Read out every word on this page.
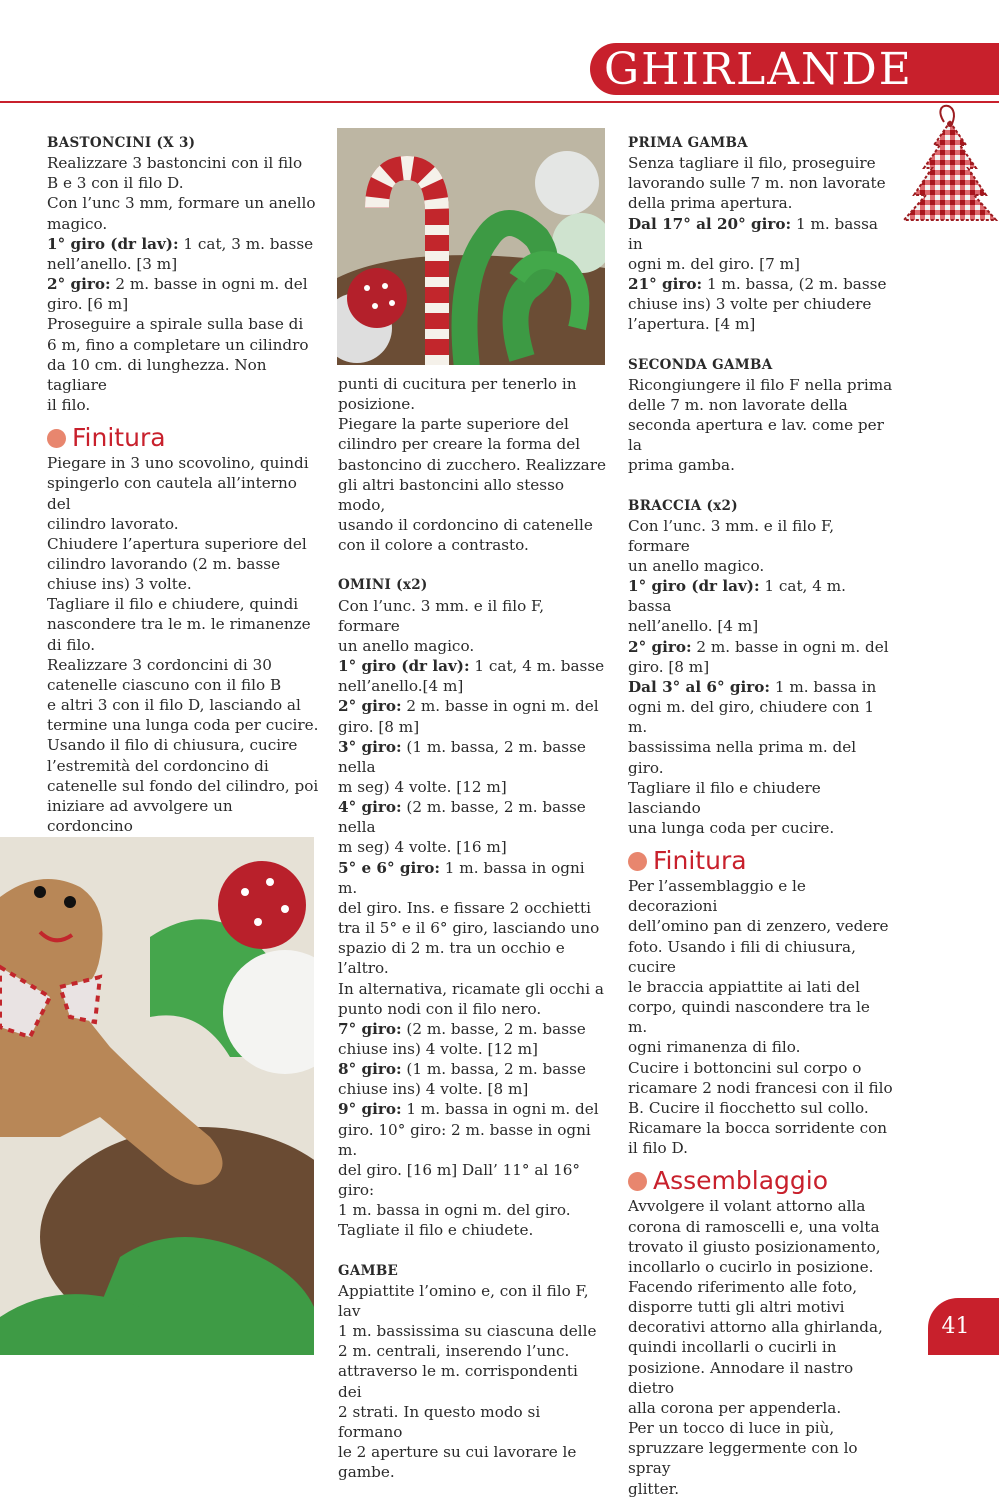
GHIRLANDE

BASTONCINI (X 3)

Realizzare 3 bastoncini con il filo

B e 3 con il filo D.

Con l’unc 3 mm, formare un anello

magico.

1° giro (dr lav): 1 cat, 3 m. basse

nell’anello. [3 m]

2° giro: 2 m. basse in ogni m. del

giro. [6 m]

Proseguire a spirale sulla base di

6 m, fino a completare un cilindro

da 10 cm. di lunghezza. Non tagliare

il filo.

Finitura

Piegare in 3 uno scovolino, quindi

spingerlo con cautela all’interno del

cilindro lavorato.

Chiudere l’apertura superiore del

cilindro lavorando (2 m. basse

chiuse ins) 3 volte.

Tagliare il filo e chiudere, quindi

nascondere tra le m. le rimanenze

di filo.

Realizzare 3 cordoncini di 30

catenelle ciascuno con il filo B

e altri 3 con il filo D, lasciando al

termine una lunga coda per cucire.

Usando il filo di chiusura, cucire

l’estremità del cordoncino di

catenelle sul fondo del cilindro, poi

iniziare ad avvolgere un cordoncino

punti di cucitura per tenerlo in

posizione.

Piegare la parte superiore del

cilindro per creare la forma del

bastoncino di zucchero. Realizzare

gli altri bastoncini allo stesso modo,

usando il cordoncino di catenelle

con il colore a contrasto.

OMINI (x2)

Con l’unc. 3 mm. e il filo F, formare

un anello magico.

1° giro (dr lav): 1 cat, 4 m. basse

nell’anello.[4 m]

2° giro: 2 m. basse in ogni m. del

giro. [8 m]

3° giro: (1 m. bassa, 2 m. basse nella

m seg) 4 volte. [12 m]

4° giro: (2 m. basse, 2 m. basse nella

m seg) 4 volte. [16 m]

5° e 6° giro: 1 m. bassa in ogni m.

del giro. Ins. e fissare 2 occhietti

tra il 5° e il 6° giro, lasciando uno

spazio di 2 m. tra un occhio e l’altro.

In alternativa, ricamate gli occhi a

punto nodi con il filo nero.

7° giro: (2 m. basse, 2 m. basse

chiuse ins) 4 volte. [12 m]

8° giro: (1 m. bassa, 2 m. basse

chiuse ins) 4 volte. [8 m]

9° giro: 1 m. bassa in ogni m. del

giro. 10° giro: 2 m. basse in ogni m.

del giro. [16 m] Dall’ 11° al 16° giro:

1 m. bassa in ogni m. del giro.

Tagliate il filo e chiudete.

GAMBE

Appiattite l’omino e, con il filo F, lav

1 m. bassissima su ciascuna delle

2 m. centrali, inserendo l’unc.

attraverso le m. corrispondenti dei

2 strati. In questo modo si formano

le 2 aperture su cui lavorare le

gambe.

PRIMA GAMBA

Senza tagliare il filo, proseguire

lavorando sulle 7 m. non lavorate

della prima apertura.

Dal 17° al 20° giro: 1 m. bassa in

ogni m. del giro. [7 m]

21° giro: 1 m. bassa, (2 m. basse

chiuse ins) 3 volte per chiudere

l’apertura. [4 m]

SECONDA GAMBA

Ricongiungere il filo F nella prima

delle 7 m. non lavorate della

seconda apertura e lav. come per la

prima gamba.

BRACCIA (x2)

Con l’unc. 3 mm. e il filo F, formare

un anello magico.

1° giro (dr lav): 1 cat, 4 m. bassa

nell’anello. [4 m]

2° giro: 2 m. basse in ogni m. del

giro. [8 m]

Dal 3° al 6° giro: 1 m. bassa in

ogni m. del giro, chiudere con 1 m.

bassissima nella prima m. del giro.

Tagliare il filo e chiudere lasciando

una lunga coda per cucire.

Finitura

Per l’assemblaggio e le decorazioni

dell’omino pan di zenzero, vedere

foto. Usando i fili di chiusura, cucire

le braccia appiattite ai lati del

corpo, quindi nascondere tra le m.

ogni rimanenza di filo.

Cucire i bottoncini sul corpo o

ricamare 2 nodi francesi con il filo

B. Cucire il fiocchetto sul collo.

Ricamare la bocca sorridente con

il filo D.

Assemblaggio

Avvolgere il volant attorno alla

corona di ramoscelli e, una volta

trovato il giusto posizionamento,

incollarlo o cucirlo in posizione.

Facendo riferimento alle foto,

disporre tutti gli altri motivi

decorativi attorno alla ghirlanda,

quindi incollarli o cucirli in

posizione. Annodare il nastro dietro

alla corona per appenderla.

Per un tocco di luce in più,

spruzzare leggermente con lo spray

glitter.

41
